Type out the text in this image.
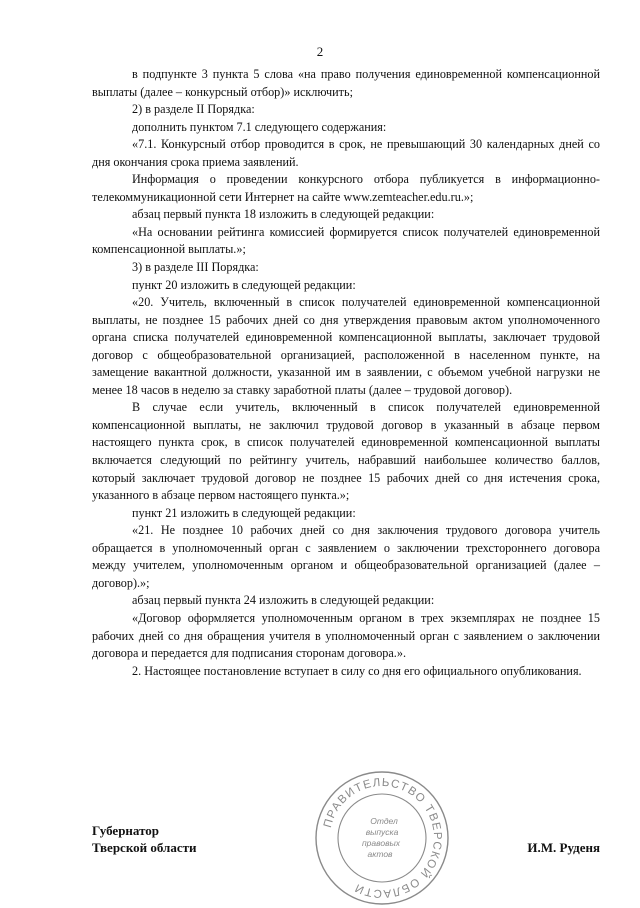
2

в подпункте 3 пункта 5 слова «на право получения единовременной компенсационной выплаты (далее – конкурсный отбор)» исключить;

2) в разделе II Порядка:

дополнить пунктом 7.1 следующего содержания:

«7.1. Конкурсный отбор проводится в срок, не превышающий 30 календарных дней со дня окончания срока приема заявлений.

Информация о проведении конкурсного отбора публикуется в информационно-телекоммуникационной сети Интернет на сайте www.zemteacher.edu.ru.»;

абзац первый пункта 18 изложить в следующей редакции:

«На основании рейтинга комиссией формируется список получателей единовременной компенсационной выплаты.»;

3) в разделе III Порядка:

пункт 20 изложить в следующей редакции:

«20. Учитель, включенный в список получателей единовременной компенсационной выплаты, не позднее 15 рабочих дней со дня утверждения правовым актом уполномоченного органа списка получателей единовременной компенсационной выплаты, заключает трудовой договор с общеобразовательной организацией, расположенной в населенном пункте, на замещение вакантной должности, указанной им в заявлении, с объемом учебной нагрузки не менее 18 часов в неделю за ставку заработной платы (далее – трудовой договор).

В случае если учитель, включенный в список получателей единовременной компенсационной выплаты, не заключил трудовой договор в указанный в абзаце первом настоящего пункта срок, в список получателей единовременной компенсационной выплаты включается следующий по рейтингу учитель, набравший наибольшее количество баллов, который заключает трудовой договор не позднее 15 рабочих дней со дня истечения срока, указанного в абзаце первом настоящего пункта.»;

пункт 21 изложить в следующей редакции:

«21. Не позднее 10 рабочих дней со дня заключения трудового договора учитель обращается в уполномоченный орган с заявлением о заключении трехстороннего договора между учителем, уполномоченным органом и общеобразовательной организацией (далее – договор).»;

абзац первый пункта 24 изложить в следующей редакции:

«Договор оформляется уполномоченным органом в трех экземплярах не позднее 15 рабочих дней со дня обращения учителя в уполномоченный орган с заявлением о заключении договора и передается для подписания сторонам договора.».

2. Настоящее постановление вступает в силу со дня его официального опубликования.

ПРАВИТЕЛЬСТВО ТВЕРСКОЙ ОБЛАСТИ
Отдел
выпуска
правовых
актов
Губернатор
Тверской области	И.М. Руденя
